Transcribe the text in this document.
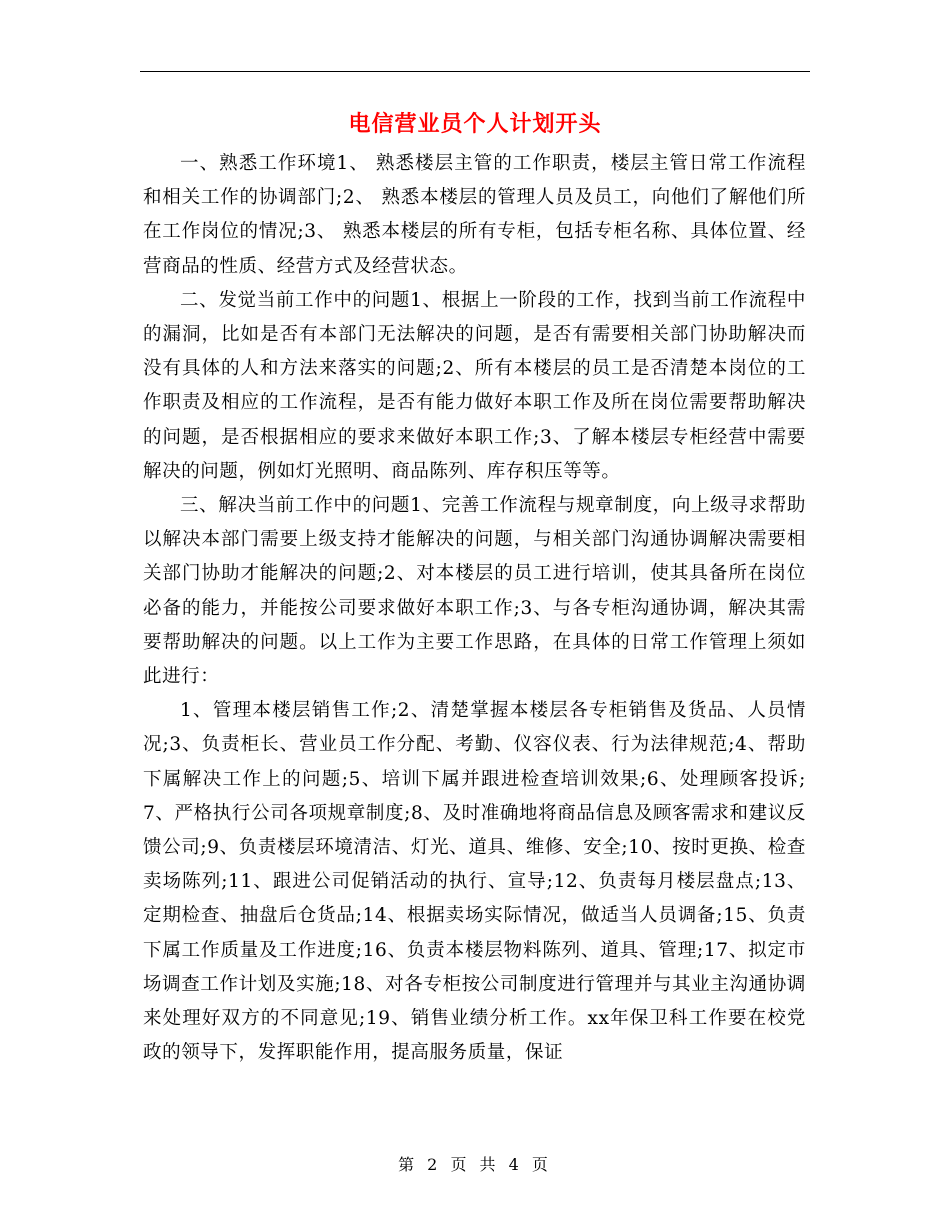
电信营业员个人计划开头

一、熟悉工作环境1、 熟悉楼层主管的工作职责，楼层主管日常工作流程和相关工作的协调部门;2、 熟悉本楼层的管理人员及员工，向他们了解他们所在工作岗位的情况;3、 熟悉本楼层的所有专柜，包括专柜名称、具体位置、经营商品的性质、经营方式及经营状态。

二、发觉当前工作中的问题1、根据上一阶段的工作，找到当前工作流程中的漏洞，比如是否有本部门无法解决的问题，是否有需要相关部门协助解决而没有具体的人和方法来落实的问题;2、所有本楼层的员工是否清楚本岗位的工作职责及相应的工作流程，是否有能力做好本职工作及所在岗位需要帮助解决的问题，是否根据相应的要求来做好本职工作;3、了解本楼层专柜经营中需要解决的问题，例如灯光照明、商品陈列、库存积压等等。

三、解决当前工作中的问题1、完善工作流程与规章制度，向上级寻求帮助以解决本部门需要上级支持才能解决的问题，与相关部门沟通协调解决需要相关部门协助才能解决的问题;2、对本楼层的员工进行培训，使其具备所在岗位必备的能力，并能按公司要求做好本职工作;3、与各专柜沟通协调，解决其需要帮助解决的问题。以上工作为主要工作思路，在具体的日常工作管理上须如此进行：

1、管理本楼层销售工作;2、清楚掌握本楼层各专柜销售及货品、人员情况;3、负责柜长、营业员工作分配、考勤、仪容仪表、行为法律规范;4、帮助下属解决工作上的问题;5、培训下属并跟进检查培训效果;6、处理顾客投诉;7、严格执行公司各项规章制度;8、及时准确地将商品信息及顾客需求和建议反馈公司;9、负责楼层环境清洁、灯光、道具、维修、安全;10、按时更换、检查卖场陈列;11、跟进公司促销活动的执行、宣导;12、负责每月楼层盘点;13、定期检查、抽盘后仓货品;14、根据卖场实际情况，做适当人员调备;15、负责下属工作质量及工作进度;16、负责本楼层物料陈列、道具、管理;17、拟定市场调查工作计划及实施;18、对各专柜按公司制度进行管理并与其业主沟通协调来处理好双方的不同意见;19、销售业绩分析工作。xx年保卫科工作要在校党政的领导下，发挥职能作用，提高服务质量，保证

第 2 页 共 4 页
